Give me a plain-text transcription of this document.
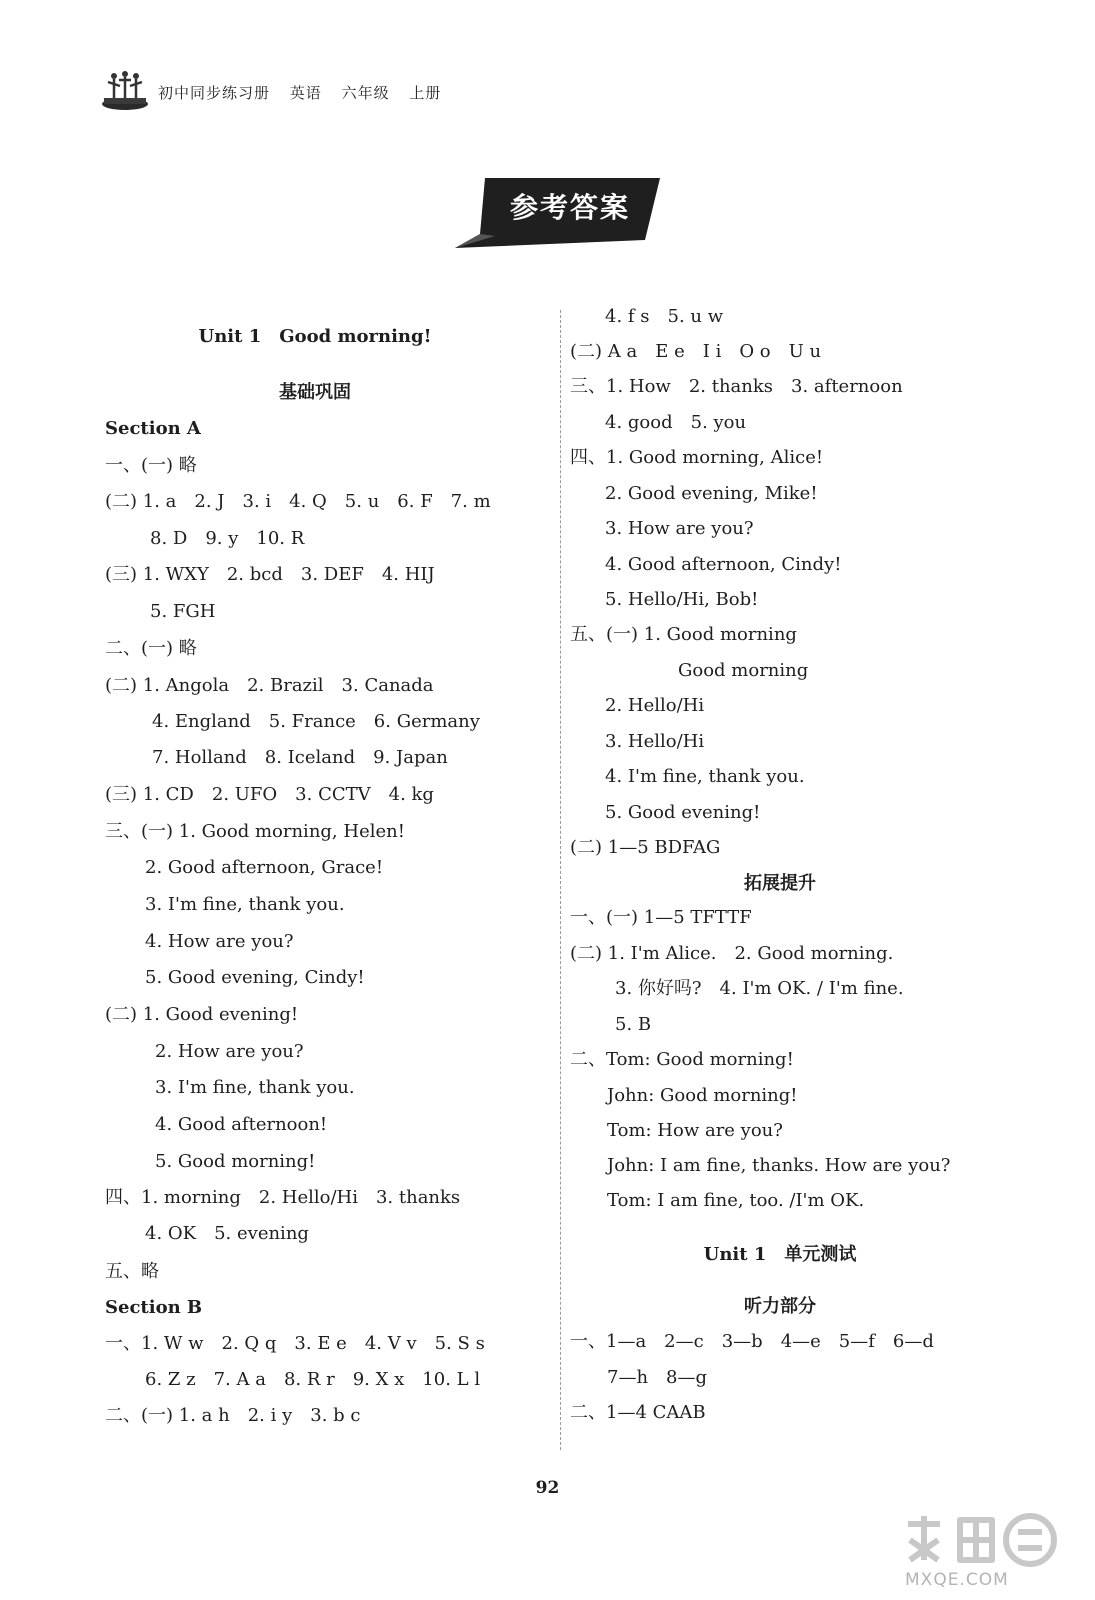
初中同步练习册 英语 六年级 上册
参考答案
Unit 1　Good morning!
基础巩固
Section A
一、(一) 略
(二) 1. a　2. J　3. i　4. Q　5. u　6. F　7. m
8. D　9. y　10. R
(三) 1. WXY　2. bcd　3. DEF　4. HIJ
5. FGH
二、(一) 略
(二) 1. Angola　2. Brazil　3. Canada
4. England　5. France　6. Germany
7. Holland　8. Iceland　9. Japan
(三) 1. CD　2. UFO　3. CCTV　4. kg
三、(一) 1. Good morning, Helen!
2. Good afternoon, Grace!
3. I'm fine, thank you.
4. How are you?
5. Good evening, Cindy!
(二) 1. Good evening!
2. How are you?
3. I'm fine, thank you.
4. Good afternoon!
5. Good morning!
四、1. morning　2. Hello/Hi　3. thanks
4. OK　5. evening
五、略
Section B
一、1. W w　2. Q q　3. E e　4. V v　5. S s
6. Z z　7. A a　8. R r　9. X x　10. L l
二、(一) 1. a h　2. i y　3. b c
4. f s　5. u w
(二) A a　E e　I i　O o　U u
三、1. How　2. thanks　3. afternoon
4. good　5. you
四、1. Good morning, Alice!
2. Good evening, Mike!
3. How are you?
4. Good afternoon, Cindy!
5. Hello/Hi, Bob!
五、(一) 1. Good morning
Good morning
2. Hello/Hi
3. Hello/Hi
4. I'm fine, thank you.
5. Good evening!
(二) 1—5 BDFAG
拓展提升
一、(一) 1—5 TFTTF
(二) 1. I'm Alice.　2. Good morning.
3. 你好吗?　4. I'm OK. / I'm fine.
5. B
二、Tom: Good morning!
John: Good morning!
Tom: How are you?
John: I am fine, thanks. How are you?
Tom: I am fine, too. /I'm OK.
Unit 1　单元测试
听力部分
一、1—a　2—c　3—b　4—e　5—f　6—d
7—h　8—g
二、1—4 CAAB
92
MXQE.COM
